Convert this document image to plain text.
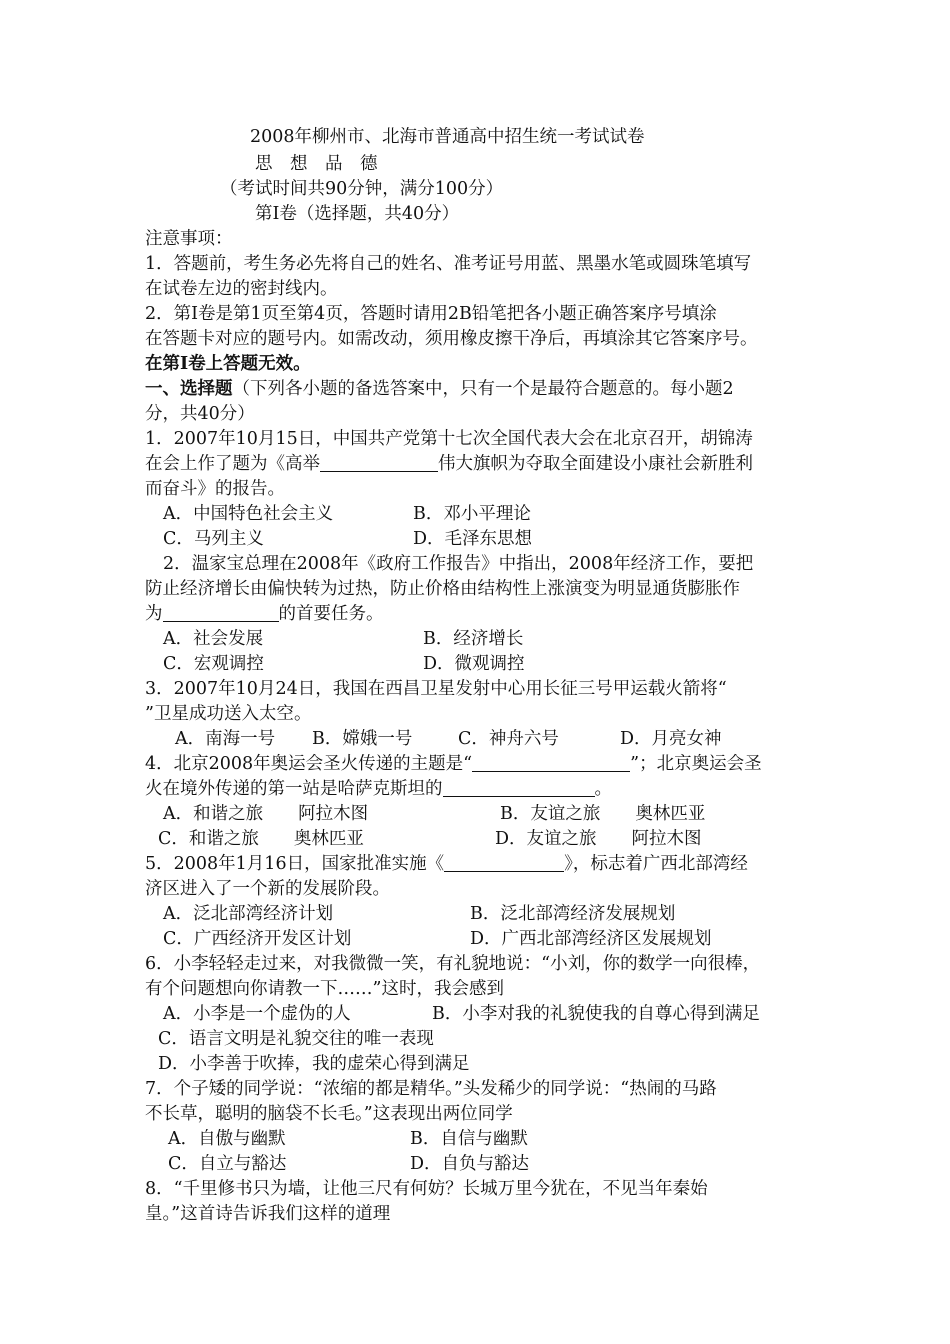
2008年柳州市、北海市普通高中招生统一考试试卷
思　想　品　德
（考试时间共90分钟，满分100分）
第Ⅰ卷（选择题，共40分）
注意事项：
1．答题前，考生务必先将自己的姓名、准考证号用蓝、黑墨水笔或圆珠笔填写
在试卷左边的密封线内。
2．第Ⅰ卷是第1页至第4页，答题时请用2B铅笔把各小题正确答案序号填涂
在答题卡对应的题号内。如需改动，须用橡皮擦干净后，再填涂其它答案序号。
在第Ⅰ卷上答题无效。
一、选择题（下列各小题的备选答案中，只有一个是最符合题意的。每小题2
分，共40分）
1．2007年10月15日，中国共产党第十七次全国代表大会在北京召开，胡锦涛
在会上作了题为《高举	伟大旗帜为夺取全面建设小康社会新胜利
而奋斗》的报告。
A．中国特色社会主义	B．邓小平理论
C．马列主义	D．毛泽东思想
2．温家宝总理在2008年《政府工作报告》中指出，2008年经济工作，要把
防止经济增长由偏快转为过热，防止价格由结构性上涨演变为明显通货膨胀作
为	的首要任务。
A．社会发展	B．经济增长
C．宏观调控	D．微观调控
3．2007年10月24日，我国在西昌卫星发射中心用长征三号甲运载火箭将“
”卫星成功送入太空。
A．南海一号 B．嫦娥一号	C．神舟六号	D．月亮女神
4．北京2008年奥运会圣火传递的主题是“	”；北京奥运会圣
火在境外传递的第一站是哈萨克斯坦的	。
A．和谐之旅　　阿拉木图	B．友谊之旅　　奥林匹亚
C．和谐之旅　　奥林匹亚	D．友谊之旅　　阿拉木图
5．2008年1月16日，国家批准实施《	》，标志着广西北部湾经
济区进入了一个新的发展阶段。
A．泛北部湾经济计划	B．泛北部湾经济发展规划
C．广西经济开发区计划	D．广西北部湾经济区发展规划
6．小李轻轻走过来，对我微微一笑，有礼貌地说：“小刘，你的数学一向很棒，
有个问题想向你请教一下……”这时，我会感到
A．小李是一个虚伪的人	B．小李对我的礼貌使我的自尊心得到满足
C．语言文明是礼貌交往的唯一表现
D．小李善于吹捧，我的虚荣心得到满足
7．个子矮的同学说：“浓缩的都是精华。”头发稀少的同学说：“热闹的马路
不长草，聪明的脑袋不长毛。”这表现出两位同学
A．自傲与幽默	B．自信与幽默
C．自立与豁达	D．自负与豁达
8．“千里修书只为墙，让他三尺有何妨？长城万里今犹在，不见当年秦始
皇。”这首诗告诉我们这样的道理
